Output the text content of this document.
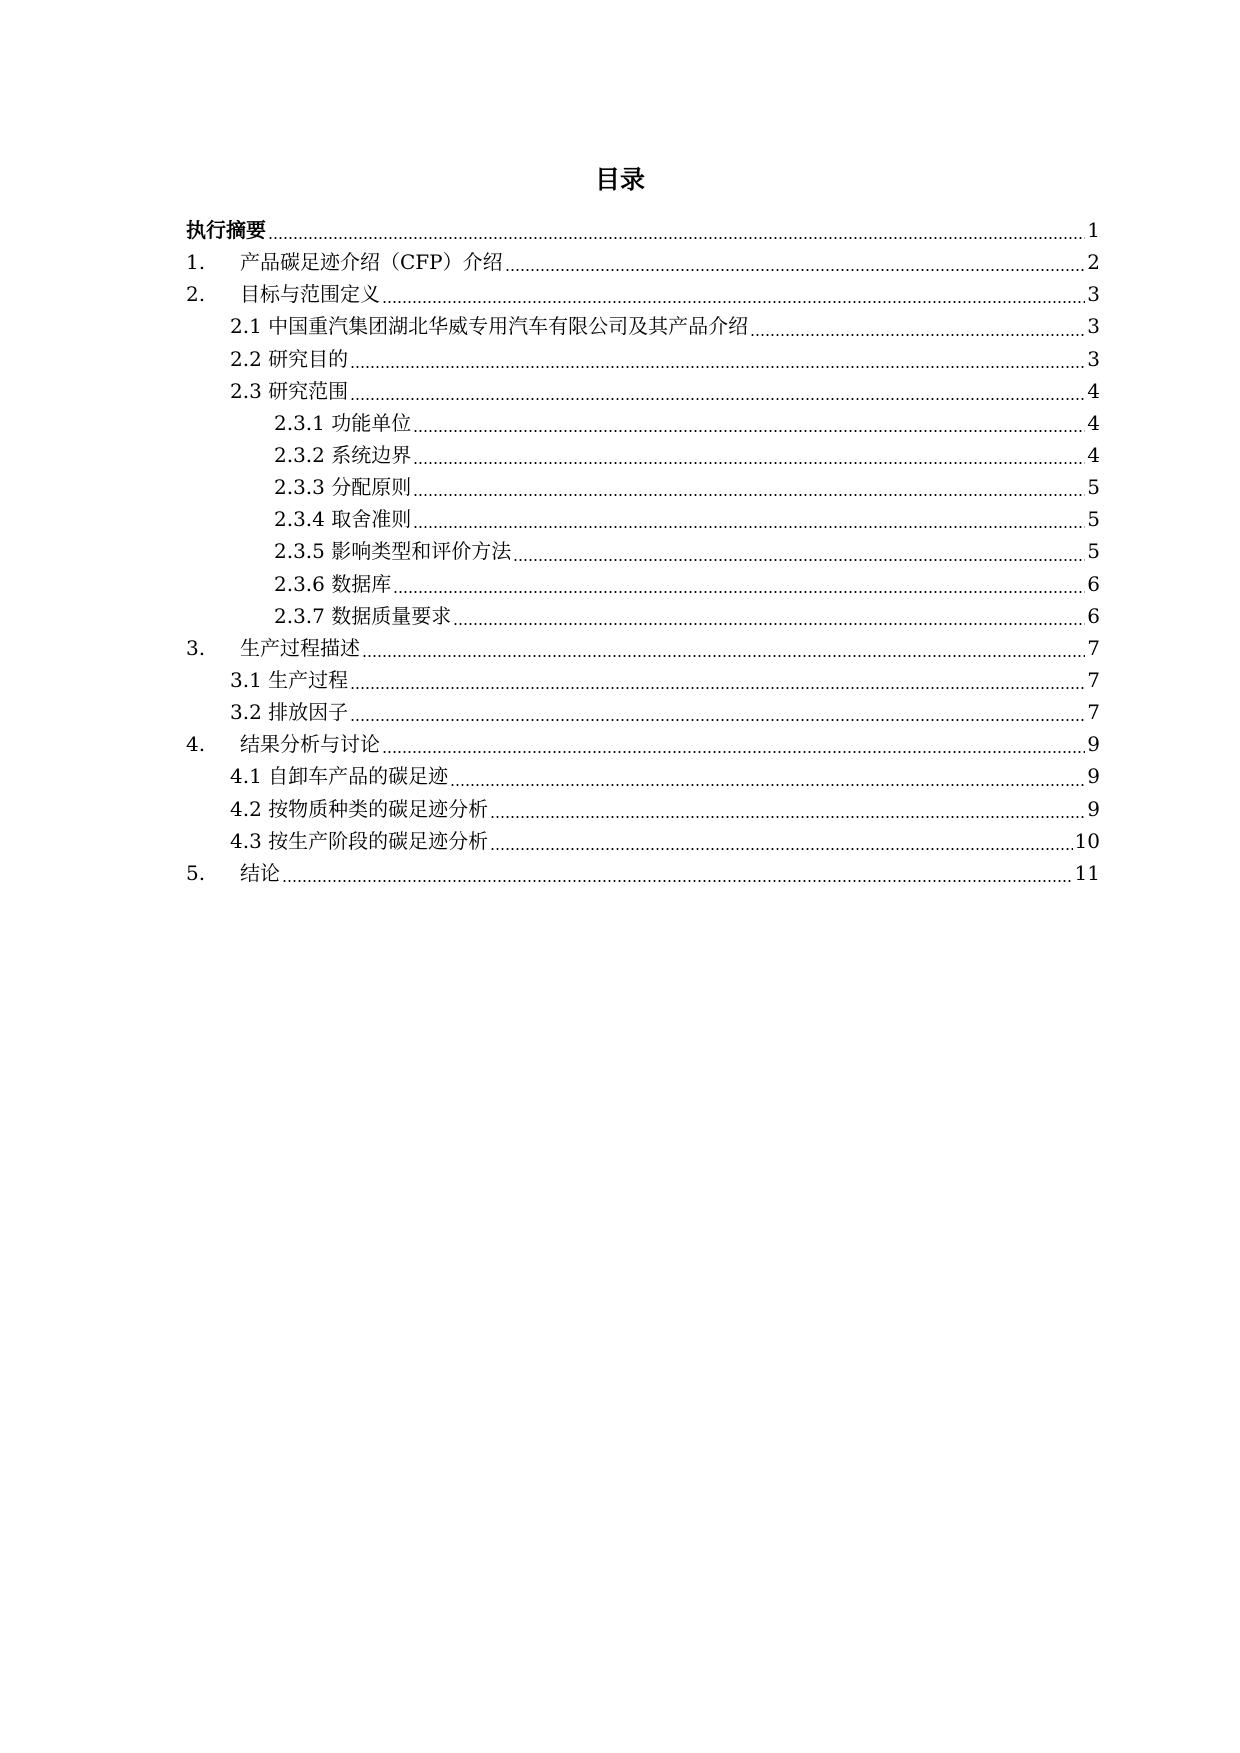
目录
执行摘要	1
1.	产品碳足迹介绍（CFP）介绍	2
2.	目标与范围定义	3
2.1 中国重汽集团湖北华威专用汽车有限公司及其产品介绍	3
2.2 研究目的	3
2.3 研究范围	4
2.3.1 功能单位	4
2.3.2 系统边界	4
2.3.3 分配原则	5
2.3.4 取舍准则	5
2.3.5 影响类型和评价方法	5
2.3.6 数据库	6
2.3.7 数据质量要求	6
3.	生产过程描述	7
3.1 生产过程	7
3.2 排放因子	7
4.	结果分析与讨论	9
4.1 自卸车产品的碳足迹	9
4.2 按物质种类的碳足迹分析	9
4.3 按生产阶段的碳足迹分析	10
5.	结论	11
